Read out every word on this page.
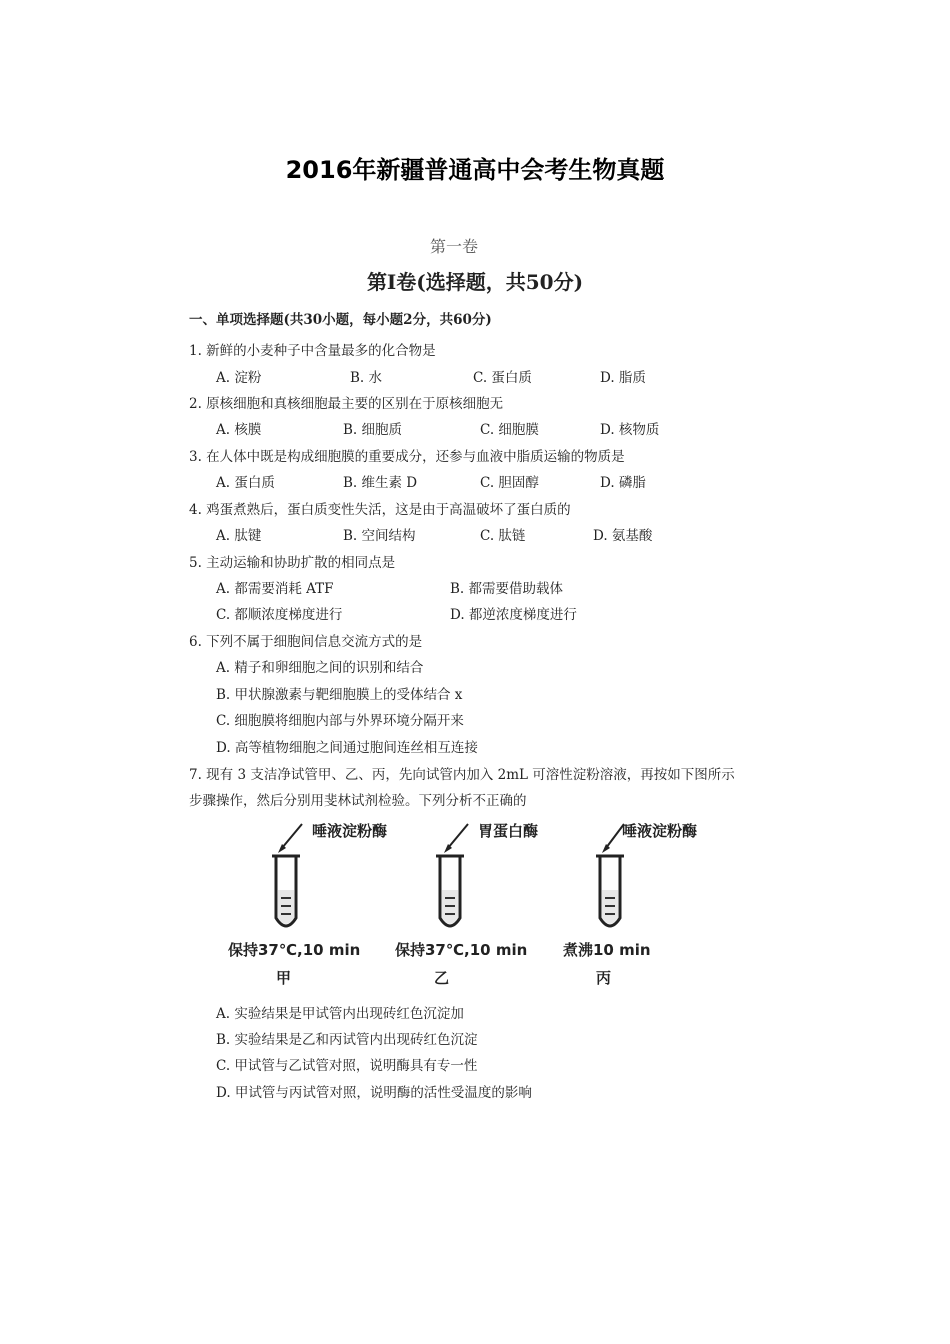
2016年新疆普通高中会考生物真题
第一卷
第Ⅰ卷(选择题，共50分)
一、单项选择题(共30小题，每小题2分，共60分)
1. 新鲜的小麦种子中含量最多的化合物是
A. 淀粉	B. 水	C. 蛋白质	D. 脂质
2. 原核细胞和真核细胞最主要的区别在于原核细胞无
A. 核膜	B. 细胞质	C. 细胞膜	D. 核物质
3. 在人体中既是构成细胞膜的重要成分，还参与血液中脂质运输的物质是
A. 蛋白质	B. 维生素 D	C. 胆固醇	D. 磷脂
4. 鸡蛋煮熟后，蛋白质变性失活，这是由于高温破坏了蛋白质的
A. 肽键	B. 空间结构	C. 肽链	D. 氨基酸
5. 主动运输和协助扩散的相同点是
A. 都需要消耗 ATF	B. 都需要借助载体
C. 都顺浓度梯度进行	D. 都逆浓度梯度进行
6. 下列不属于细胞间信息交流方式的是
A. 精子和卵细胞之间的识别和结合
B. 甲状腺激素与靶细胞膜上的受体结合 x
C. 细胞膜将细胞内部与外界环境分隔开来
D. 高等植物细胞之间通过胞间连丝相互连接
7. 现有 3 支洁净试管甲、乙、丙，先向试管内加入 2mL 可溶性淀粉溶液，再按如下图所示
步骤操作，然后分别用斐林试剂检验。下列分析不正确的
唾液淀粉酶
保持37℃,10 min
甲
胃蛋白酶
保持37℃,10 min
乙
唾液淀粉酶
煮沸10 min
丙
A. 实验结果是甲试管内出现砖红色沉淀加
B. 实验结果是乙和丙试管内出现砖红色沉淀
C. 甲试管与乙试管对照，说明酶具有专一性
D. 甲试管与丙试管对照，说明酶的活性受温度的影响
